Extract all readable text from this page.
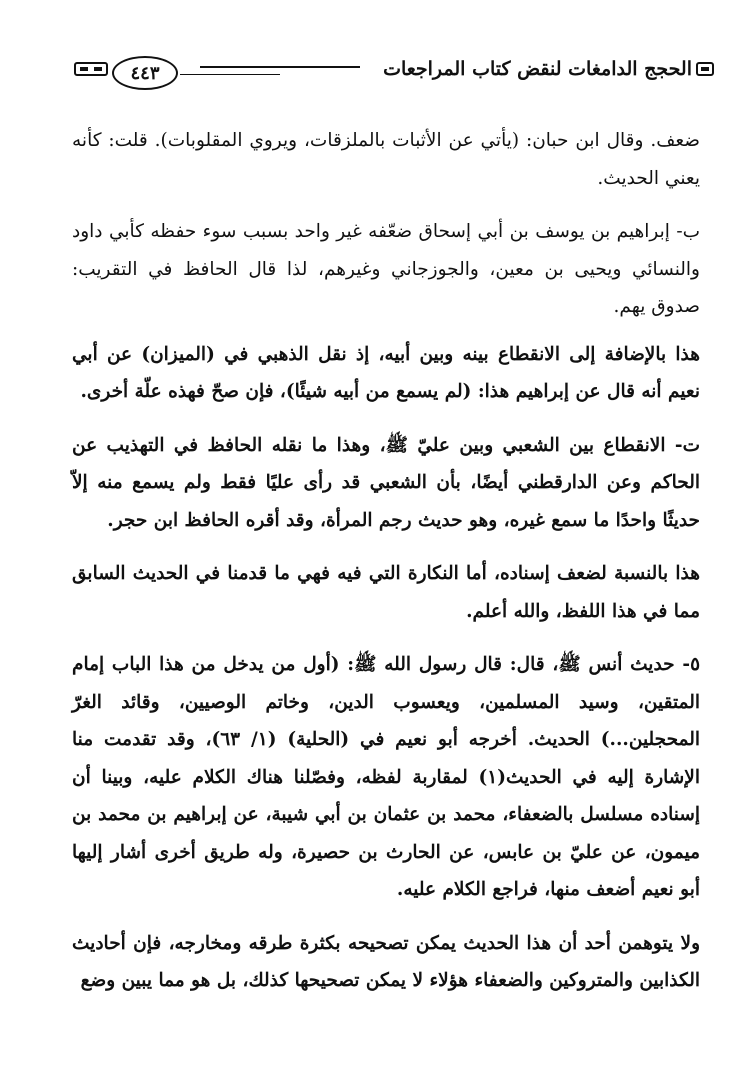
الحجج الدامغات لنقض كتاب المراجعات
٤٤٣

ضعف. وقال ابن حبان: (يأتي عن الأثبات بالملزقات، ويروي المقلوبات). قلت: كأنه يعني الحديث.

ب- إبراهيم بن يوسف بن أبي إسحاق ضعّفه غير واحد بسبب سوء حفظه كأبي داود والنسائي ويحيى بن معين، والجوزجاني وغيرهم، لذا قال الحافظ في التقريب: صدوق يهم.

هذا بالإضافة إلى الانقطاع بينه وبين أبيه، إذ نقل الذهبي في (الميزان) عن أبي نعيم أنه قال عن إبراهيم هذا: (لم يسمع من أبيه شيئًا)، فإن صحّ فهذه علّة أخرى.

ت- الانقطاع بين الشعبي وبين عليّ ﷺ، وهذا ما نقله الحافظ في التهذيب عن الحاكم وعن الدارقطني أيضًا، بأن الشعبي قد رأى عليًا فقط ولم يسمع منه إلاّ حديثًا واحدًا ما سمع غيره، وهو حديث رجم المرأة، وقد أقره الحافظ ابن حجر.

هذا بالنسبة لضعف إسناده، أما النكارة التي فيه فهي ما قدمنا في الحديث السابق مما في هذا اللفظ، والله أعلم.

٥- حديث أنس ﷺ، قال: قال رسول الله ﷺ: (أول من يدخل من هذا الباب إمام المتقين، وسيد المسلمين، ويعسوب الدين، وخاتم الوصيين، وقائد الغرّ المحجلين...) الحديث. أخرجه أبو نعيم في (الحلية) (١/ ٦٣)، وقد تقدمت منا الإشارة إليه في الحديث(١) لمقاربة لفظه، وفصّلنا هناك الكلام عليه، وبينا أن إسناده مسلسل بالضعفاء، محمد بن عثمان بن أبي شيبة، عن إبراهيم بن محمد بن ميمون، عن عليّ بن عابس، عن الحارث بن حصيرة، وله طريق أخرى أشار إليها أبو نعيم أضعف منها، فراجع الكلام عليه.

ولا يتوهمن أحد أن هذا الحديث يمكن تصحيحه بكثرة طرقه ومخارجه، فإن أحاديث الكذابين والمتروكين والضعفاء هؤلاء لا يمكن تصحيحها كذلك، بل هو مما يبين وضع
